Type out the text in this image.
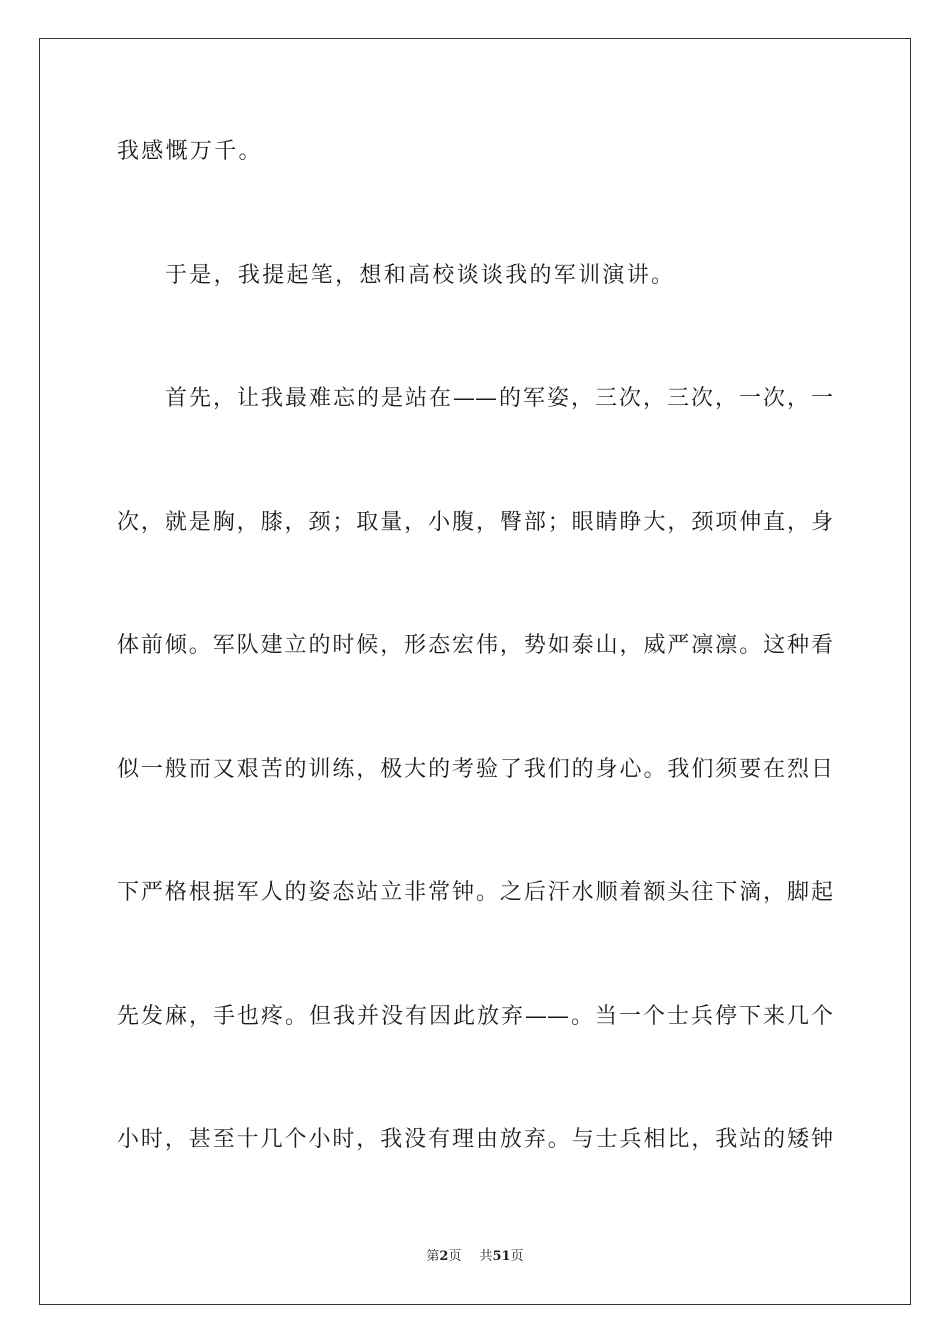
我感慨万千。
于是，我提起笔，想和高校谈谈我的军训演讲。
首先，让我最难忘的是站在——的军姿，三次，三次，一次，一
次，就是胸，膝，颈；取量，小腹，臀部；眼睛睁大，颈项伸直，身
体前倾。军队建立的时候，形态宏伟，势如泰山，威严凛凛。这种看
似一般而又艰苦的训练，极大的考验了我们的身心。我们须要在烈日
下严格根据军人的姿态站立非常钟。之后汗水顺着额头往下滴，脚起
先发麻，手也疼。但我并没有因此放弃——。当一个士兵停下来几个
小时，甚至十几个小时，我没有理由放弃。与士兵相比，我站的矮钟
第2页 共51页
